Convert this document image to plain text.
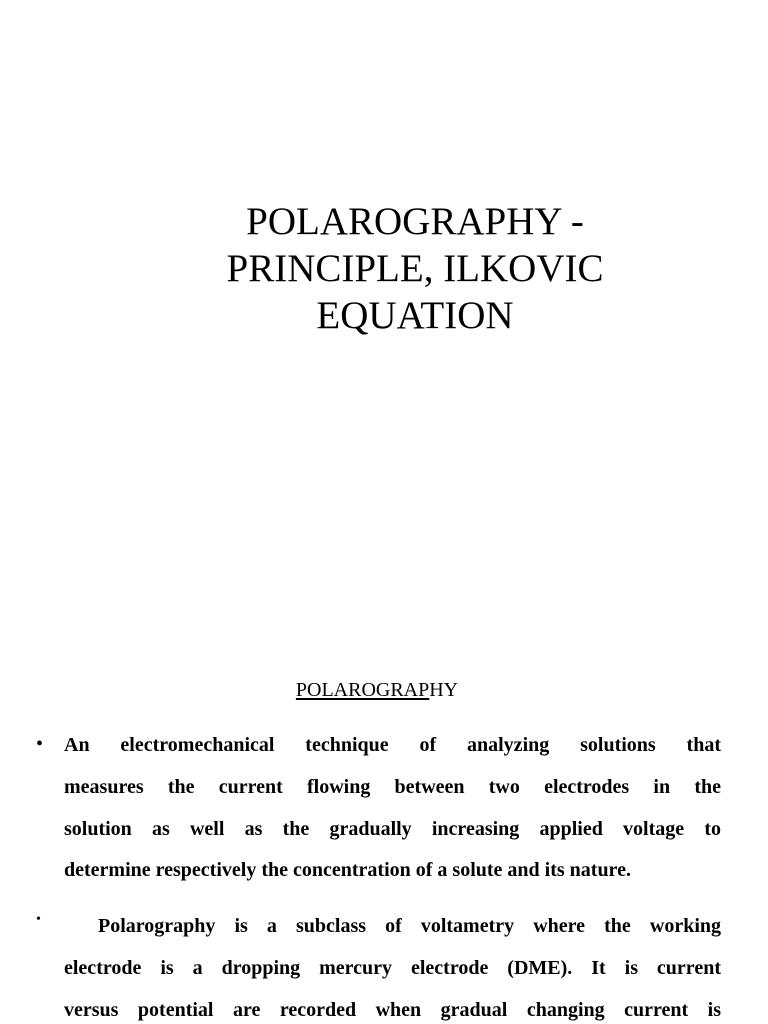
POLAROGRAPHY -
PRINCIPLE, ILKOVIC
EQUATION
POLAROGRAPHY
• An electromechanical technique of analyzing solutions that
measures the current flowing between two electrodes in the
solution as well as the gradually increasing applied voltage to
determine respectively the concentration of a solute and its nature.
•	Polarography is a subclass of voltametry where the working
electrode is a dropping mercury electrode (DME). It is current
versus potential are recorded when gradual changing current is
